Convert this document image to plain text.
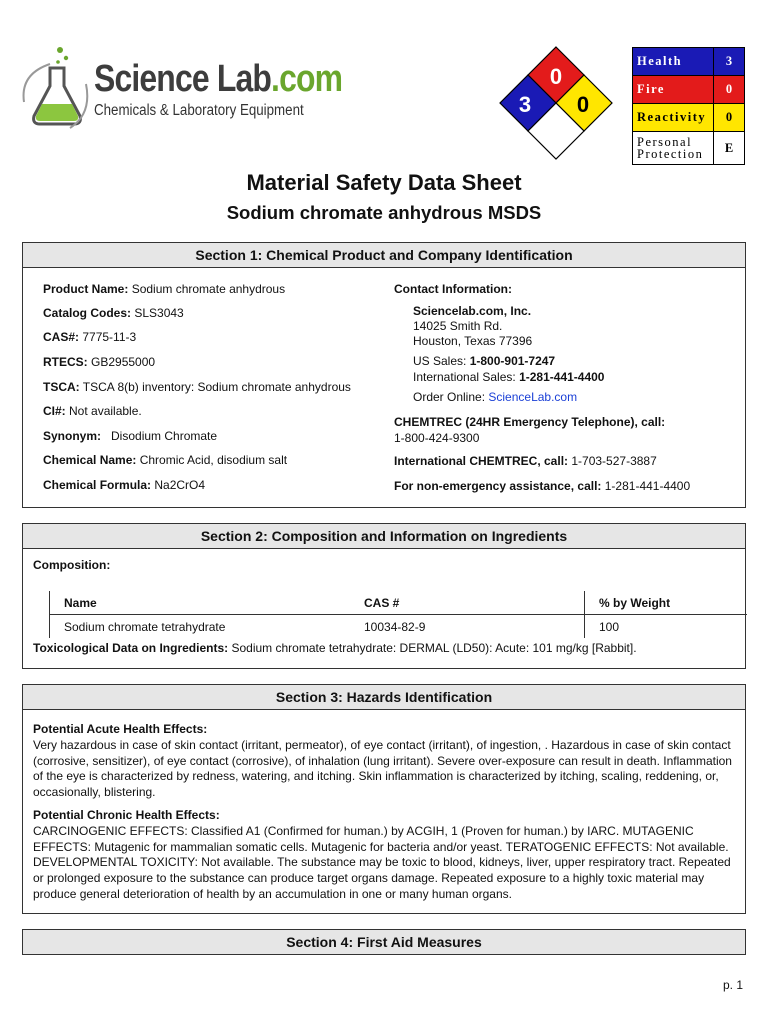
Science Lab.com
Chemicals & Laboratory Equipment
0
3 0
Health	3
Fire	0
Reactivity	0
Personal
Protection	E
Material Safety Data Sheet
Sodium chromate anhydrous MSDS
Section 1: Chemical Product and Company Identification
Product Name: Sodium chromate anhydrous
Catalog Codes: SLS3043
CAS#: 7775-11-3
RTECS: GB2955000
TSCA: TSCA 8(b) inventory: Sodium chromate anhydrous
CI#: Not available.
Synonym:   Disodium Chromate
Chemical Name: Chromic Acid, disodium salt
Chemical Formula: Na2CrO4
Contact Information:
Sciencelab.com, Inc.
14025 Smith Rd.
Houston, Texas 77396
US Sales: 1-800-901-7247
International Sales: 1-281-441-4400
Order Online: ScienceLab.com
CHEMTREC (24HR Emergency Telephone), call:
1-800-424-9300
International CHEMTREC, call: 1-703-527-3887
For non-emergency assistance, call: 1-281-441-4400
Section 2: Composition and Information on Ingredients
Composition:
Name	CAS #	% by Weight
Sodium chromate tetrahydrate	10034-82-9	100
Toxicological Data on Ingredients: Sodium chromate tetrahydrate: DERMAL (LD50): Acute: 101 mg/kg [Rabbit].
Section 3: Hazards Identification
Potential Acute Health Effects:
Very hazardous in case of skin contact (irritant, permeator), of eye contact (irritant), of ingestion, . Hazardous in case of skin contact (corrosive, sensitizer), of eye contact (corrosive), of inhalation (lung irritant). Severe over-exposure can result in death. Inflammation of the eye is characterized by redness, watering, and itching. Skin inflammation is characterized by itching, scaling, reddening, or, occasionally, blistering.
Potential Chronic Health Effects:
CARCINOGENIC EFFECTS: Classified A1 (Confirmed for human.) by ACGIH, 1 (Proven for human.) by IARC. MUTAGENIC EFFECTS: Mutagenic for mammalian somatic cells. Mutagenic for bacteria and/or yeast. TERATOGENIC EFFECTS: Not available. DEVELOPMENTAL TOXICITY: Not available. The substance may be toxic to blood, kidneys, liver, upper respiratory tract. Repeated or prolonged exposure to the substance can produce target organs damage. Repeated exposure to a highly toxic material may produce general deterioration of health by an accumulation in one or many human organs.
Section 4: First Aid Measures
p. 1
